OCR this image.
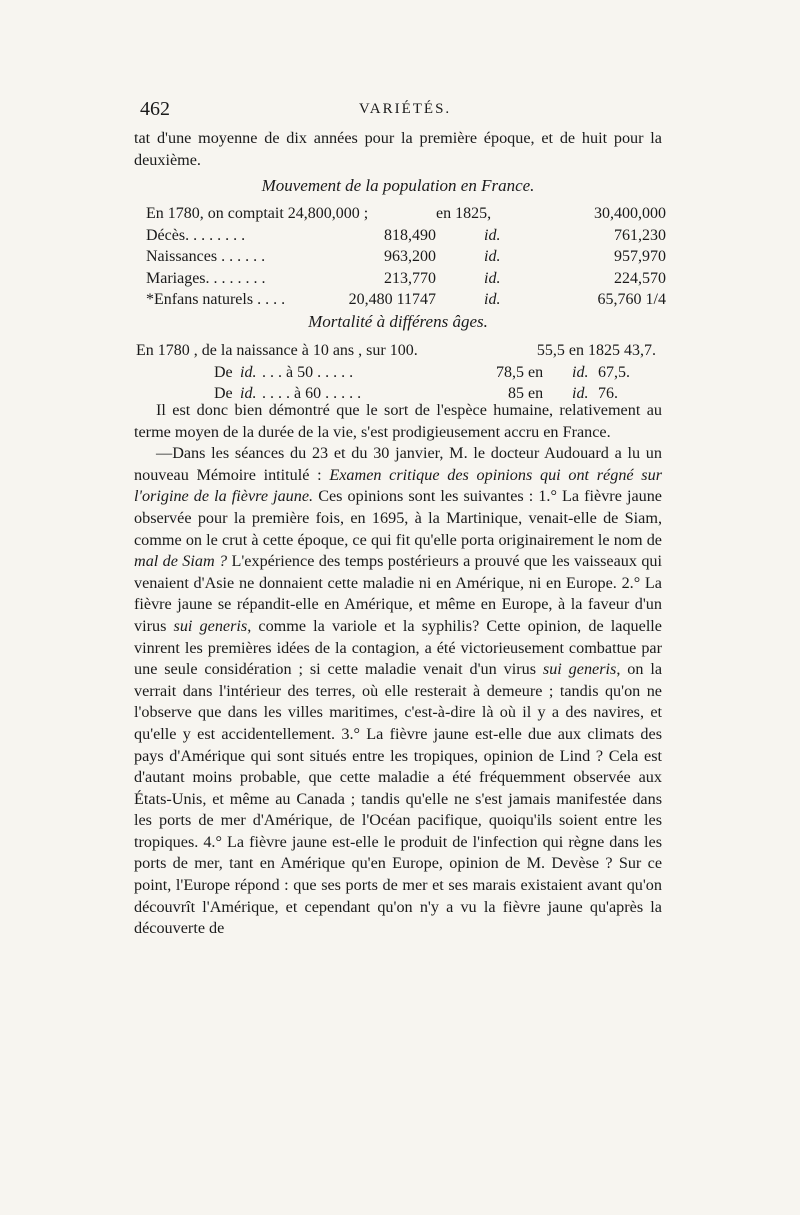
462	VARIÉTÉS.

tat d'une moyenne de dix années pour la première époque, et de huit pour la deuxième.

Mouvement de la population en France.
En 1780, on comptait 24,800,000 ;	en 1825,	30,400,000
Décès. . . . . . . .	818,490	id.	761,230
Naissances . . . . . .	963,200	id.	957,970
Mariages. . . . . . . .	213,770	id.	224,570
*Enfans naturels . . . .	20,480 11747	id.	65,760 1/4
Mortalité à différens âges.
En 1780 , de la naissance à 10 ans , sur 100.	55,5 en 1825 43,7.
De id. . . . à 50 . . . . .	78,5 en id. 67,5.
De id. . . . . à 60 . . . . .	85 en id. 76.

Il est donc bien démontré que le sort de l'espèce humaine, relativement au terme moyen de la durée de la vie, s'est prodigieusement accru en France.

—Dans les séances du 23 et du 30 janvier, M. le docteur Audouard a lu un nouveau Mémoire intitulé : Examen critique des opinions qui ont régné sur l'origine de la fièvre jaune. Ces opinions sont les suivantes : 1.° La fièvre jaune observée pour la première fois, en 1695, à la Martinique, venait-elle de Siam, comme on le crut à cette époque, ce qui fit qu'elle porta originairement le nom de mal de Siam ? L'expérience des temps postérieurs a prouvé que les vaisseaux qui venaient d'Asie ne donnaient cette maladie ni en Amérique, ni en Europe. 2.° La fièvre jaune se répandit-elle en Amérique, et même en Europe, à la faveur d'un virus sui generis, comme la variole et la syphilis? Cette opinion, de laquelle vinrent les premières idées de la contagion, a été victorieusement combattue par une seule considération ; si cette maladie venait d'un virus sui generis, on la verrait dans l'intérieur des terres, où elle resterait à demeure ; tandis qu'on ne l'observe que dans les villes maritimes, c'est-à-dire là où il y a des navires, et qu'elle y est accidentellement. 3.° La fièvre jaune est-elle due aux climats des pays d'Amérique qui sont situés entre les tropiques, opinion de Lind ? Cela est d'autant moins probable, que cette maladie a été fréquemment observée aux États-Unis, et même au Canada ; tandis qu'elle ne s'est jamais manifestée dans les ports de mer d'Amérique, de l'Océan pacifique, quoiqu'ils soient entre les tropiques. 4.° La fièvre jaune est-elle le produit de l'infection qui règne dans les ports de mer, tant en Amérique qu'en Europe, opinion de M. Devèse ? Sur ce point, l'Europe répond : que ses ports de mer et ses marais existaient avant qu'on découvrît l'Amérique, et cependant qu'on n'y a vu la fièvre jaune qu'après la découverte de
